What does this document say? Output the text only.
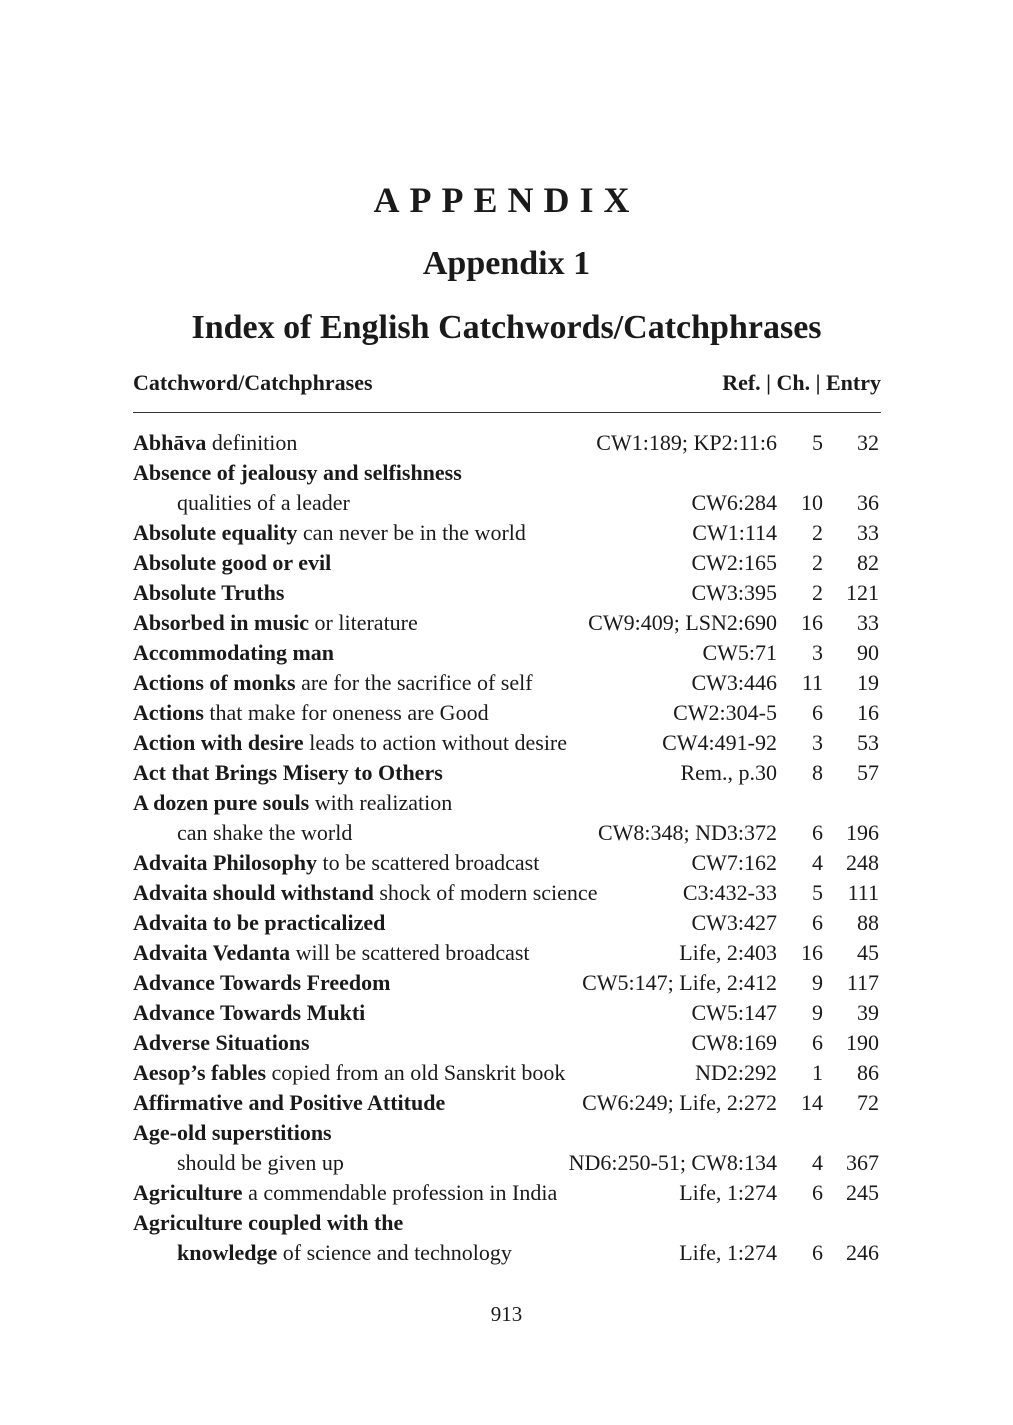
APPENDIX
Appendix 1
Index of English Catchwords/Catchphrases
Catchword/Catchphrases	Ref. | Ch. | Entry
Abhāva definition	CW1:189; KP2:11:6 5 32
Absence of jealousy and selfishness
qualities of a leader	CW6:284 10 36
Absolute equality can never be in the world	CW1:114 2 33
Absolute good or evil	CW2:165 2 82
Absolute Truths	CW3:395 2 121
Absorbed in music or literature	CW9:409; LSN2:690 16 33
Accommodating man	CW5:71 3 90
Actions of monks are for the sacrifice of self	CW3:446 11 19
Actions that make for oneness are Good	CW2:304-5 6 16
Action with desire leads to action without desire	CW4:491-92 3 53
Act that Brings Misery to Others	Rem., p.30 8 57
A dozen pure souls with realization
can shake the world	CW8:348; ND3:372 6 196
Advaita Philosophy to be scattered broadcast	CW7:162 4 248
Advaita should withstand shock of modern science	C3:432-33 5 111
Advaita to be practicalized	CW3:427 6 88
Advaita Vedanta will be scattered broadcast	Life, 2:403 16 45
Advance Towards Freedom	CW5:147; Life, 2:412 9 117
Advance Towards Mukti	CW5:147 9 39
Adverse Situations	CW8:169 6 190
Aesop’s fables copied from an old Sanskrit book	ND2:292 1 86
Affirmative and Positive Attitude	CW6:249; Life, 2:272 14 72
Age-old superstitions
should be given up	ND6:250-51; CW8:134 4 367
Agriculture a commendable profession in India	Life, 1:274 6 245
Agriculture coupled with the
knowledge of science and technology	Life, 1:274 6 246
913
